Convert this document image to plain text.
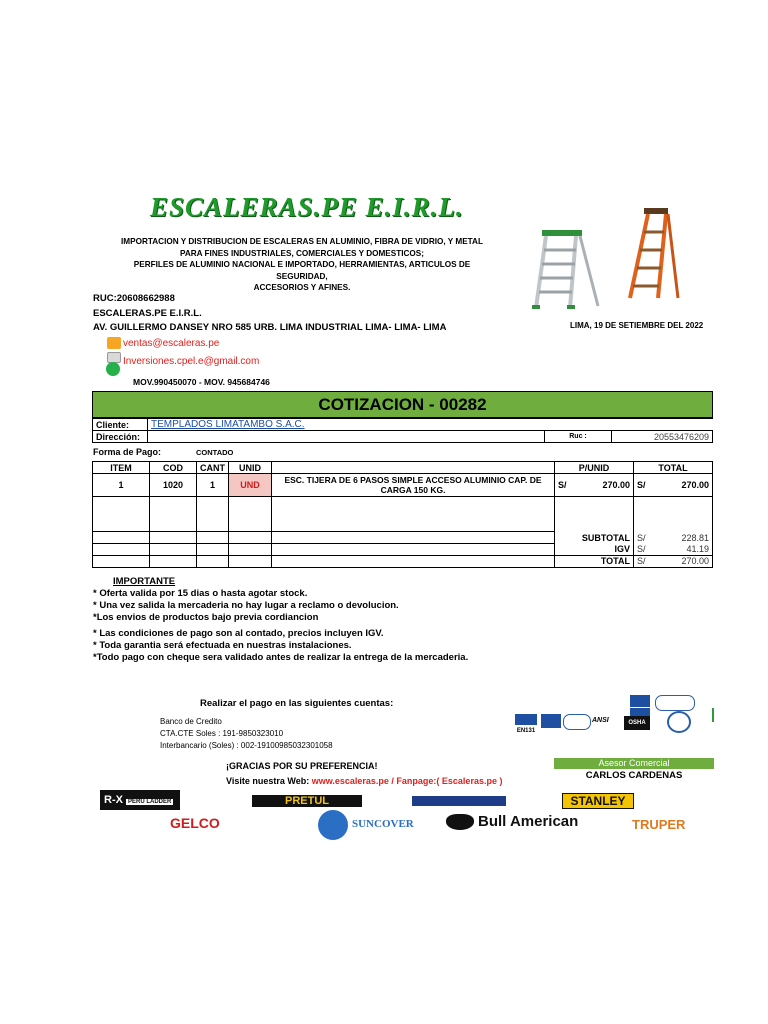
ESCALERAS.PE E.I.R.L.
IMPORTACION Y DISTRIBUCION DE ESCALERAS EN ALUMINIO, FIBRA DE VIDRIO, Y METAL
PARA FINES INDUSTRIALES, COMERCIALES Y DOMESTICOS;
PERFILES DE ALUMINIO NACIONAL E IMPORTADO, HERRAMIENTAS, ARTICULOS DE SEGURIDAD,
ACCESORIOS Y AFINES.
RUC:20608662988
ESCALERAS.PE E.I.R.L.
AV. GUILLERMO DANSEY NRO 585 URB. LIMA INDUSTRIAL LIMA- LIMA- LIMA	LIMA, 19 DE SETIEMBRE DEL 2022
ventas@escaleras.pe
Inversiones.cpel.e@gmail.com
MOV.990450070 - MOV. 945684746
COTIZACION - 00282
Cliente:	TEMPLADOS LIMATAMBO S.A.C.		
Dirección:		Ruc :	20553476209
Forma de Pago:	CONTADO
ITEM	COD	CANT	UNID		P/UNID		TOTAL	
1	1020	1	UND	ESC. TIJERA DE 6 PASOS SIMPLE ACCESO ALUMINIO CAP. DE CARGA 150 KG.	S/	270.00	S/	270.00

					SUBTOTAL		S/	228.81
					IGV		S/	41.19
					TOTAL		S/	270.00
IMPORTANTE
* Oferta valida por 15 dias o hasta agotar stock.
* Una vez salida la mercaderia no hay lugar a reclamo o devolucion.
*Los envios de productos bajo previa cordiancion
* Las condiciones de pago son al contado, precios incluyen IGV.
* Toda garantia será efectuada en nuestras instalaciones.
*Todo pago con cheque sera validado antes de realizar la entrega de la mercaderia.
Realizar el pago en las siguientes cuentas:
Banco de Credito
CTA.CTE Soles : 191-9850323010
Interbancario (Soles) : 002-19100985032301058
¡GRACIAS POR SU PREFERENCIA!
Visite nuestra Web: www.escaleras.pe / Fanpage:( Escaleras.pe )
EN131
ANSI	OSHA
Asesor Comercial
CARLOS CARDENAS
R-X PERU LADDER	PRETUL	STANLEY
GELCO	SUNCOVER	Bull American	TRUPER
